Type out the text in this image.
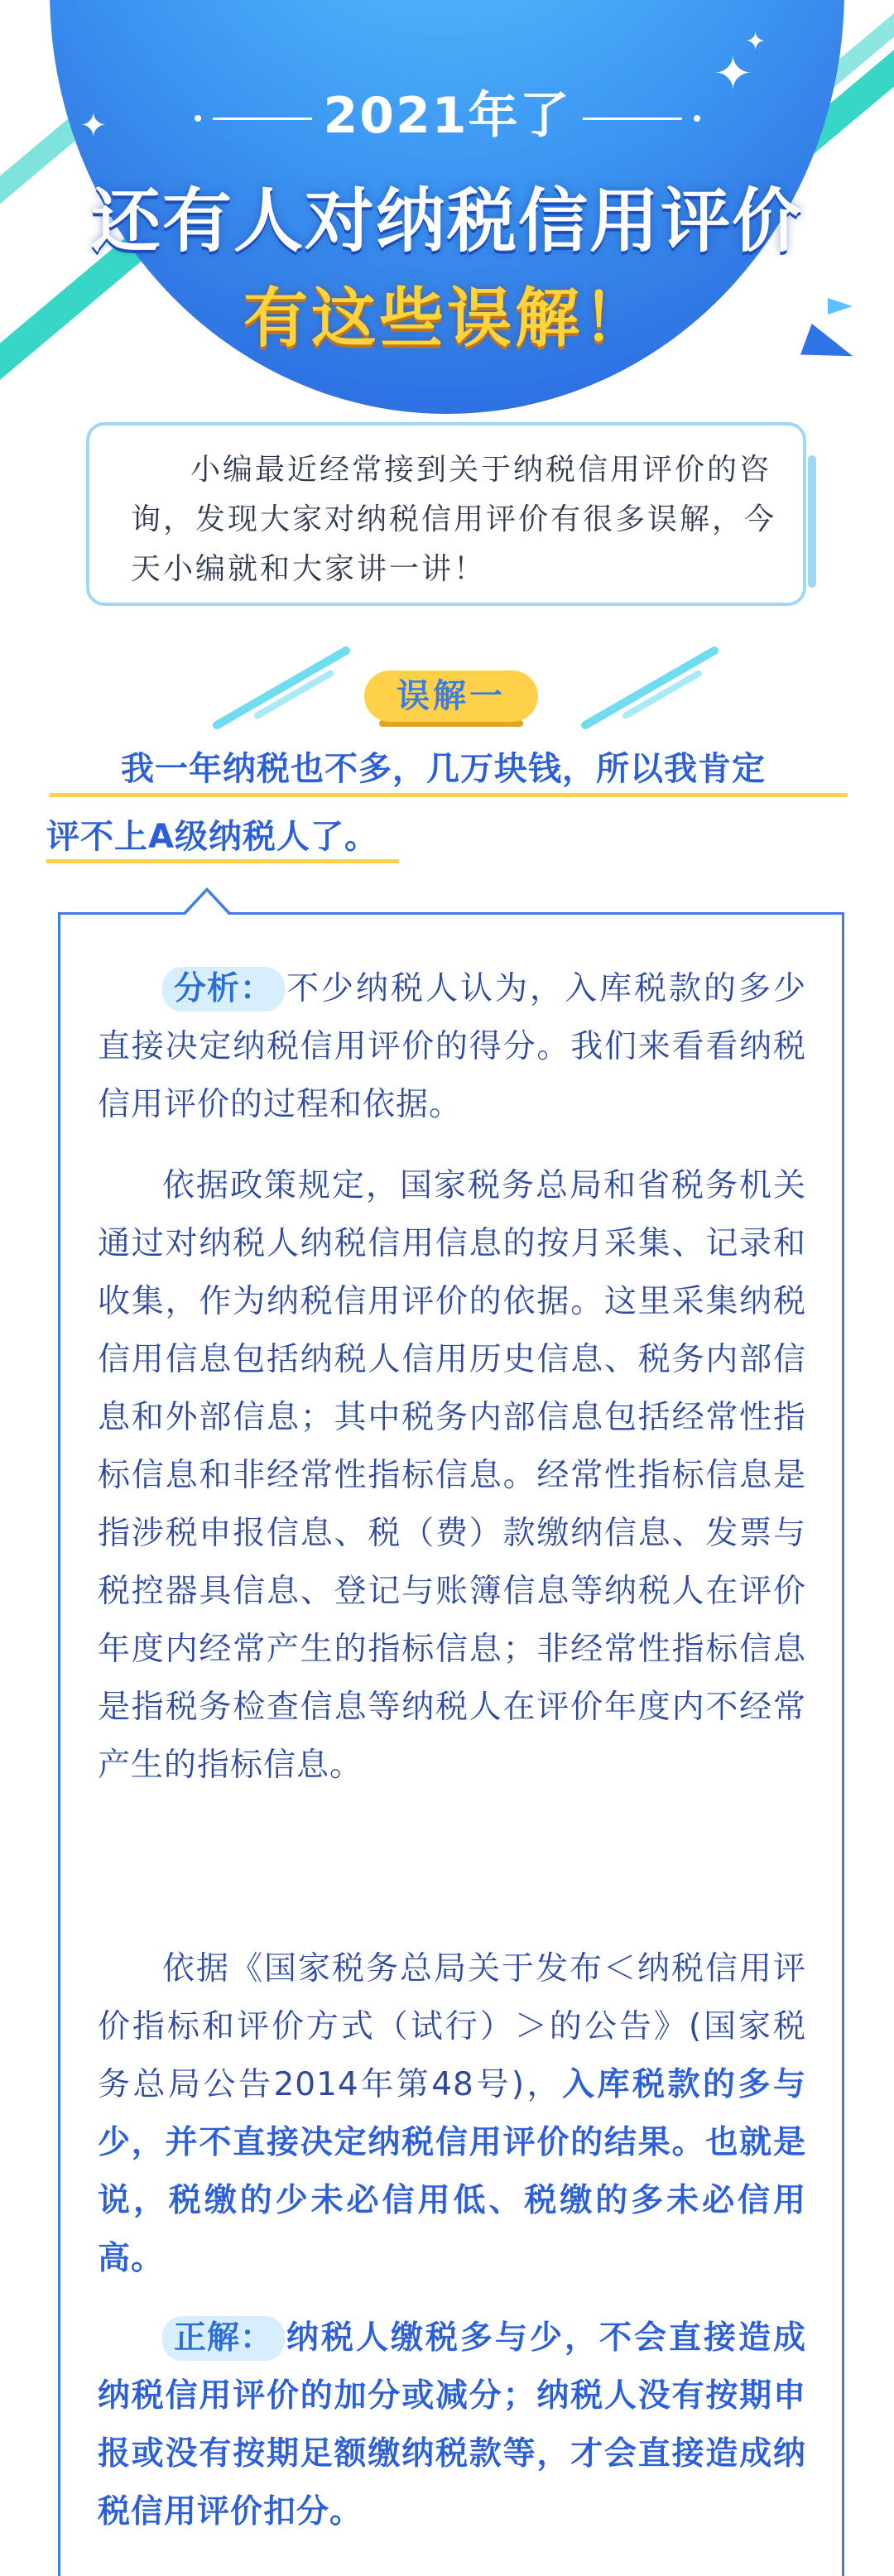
✦
✦
✦
2021年了
还有人对纳税信用评价
有这些误解！
小编最近经常接到关于纳税信用评价的咨询，发现大家对纳税信用评价有很多误解，今天小编就和大家讲一讲！
误解一
我一年纳税也不多，几万块钱，所以我肯定
评不上A级纳税人了。
分析： 不少纳税人认为，入库税款的多少直接决定纳税信用评价的得分。我们来看看纳税信用评价的过程和依据。
依据政策规定，国家税务总局和省税务机关通过对纳税人纳税信用信息的按月采集、记录和收集，作为纳税信用评价的依据。这里采集纳税信用信息包括纳税人信用历史信息、税务内部信息和外部信息；其中税务内部信息包括经常性指标信息和非经常性指标信息。经常性指标信息是指涉税申报信息、税（费）款缴纳信息、发票与税控器具信息、登记与账簿信息等纳税人在评价年度内经常产生的指标信息；非经常性指标信息是指税务检查信息等纳税人在评价年度内不经常产生的指标信息。
依据《国家税务总局关于发布＜纳税信用评价指标和评价方式（试行）＞的公告》(国家税务总局公告2014年第48号)，入库税款的多与少，并不直接决定纳税信用评价的结果。也就是说，税缴的少未必信用低、税缴的多未必信用高。
正解： 纳税人缴税多与少，不会直接造成纳税信用评价的加分或减分；纳税人没有按期申报或没有按期足额缴纳税款等，才会直接造成纳税信用评价扣分。
